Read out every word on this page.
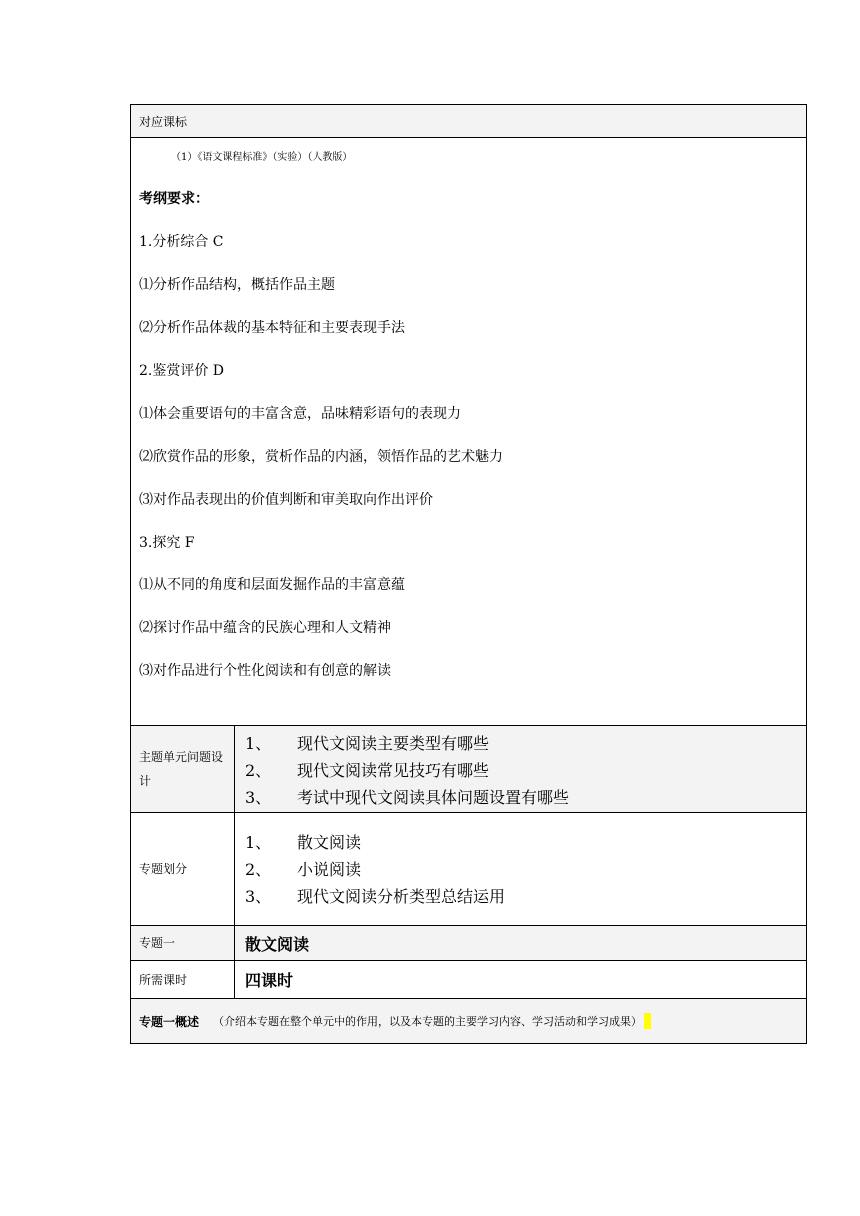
对应课标
（1）《语文课程标准》（实验）（人教版）
考纲要求：
1.分析综合 C
⑴分析作品结构，概括作品主题
⑵分析作品体裁的基本特征和主要表现手法
2.鉴赏评价 D
⑴体会重要语句的丰富含意，品味精彩语句的表现力
⑵欣赏作品的形象，赏析作品的内涵，领悟作品的艺术魅力
⑶对作品表现出的价值判断和审美取向作出评价
3.探究 F
⑴从不同的角度和层面发掘作品的丰富意蕴
⑵探讨作品中蕴含的民族心理和人文精神
⑶对作品进行个性化阅读和有创意的解读
主题单元问题设计
1、	现代文阅读主要类型有哪些
2、	现代文阅读常见技巧有哪些
3、	考试中现代文阅读具体问题设置有哪些
专题划分
1、	散文阅读
2、	小说阅读
3、	现代文阅读分析类型总结运用
专题一	散文阅读
所需课时	四课时
专题一概述 （介绍本专题在整个单元中的作用，以及本专题的主要学习内容、学习活动和学习成果）
